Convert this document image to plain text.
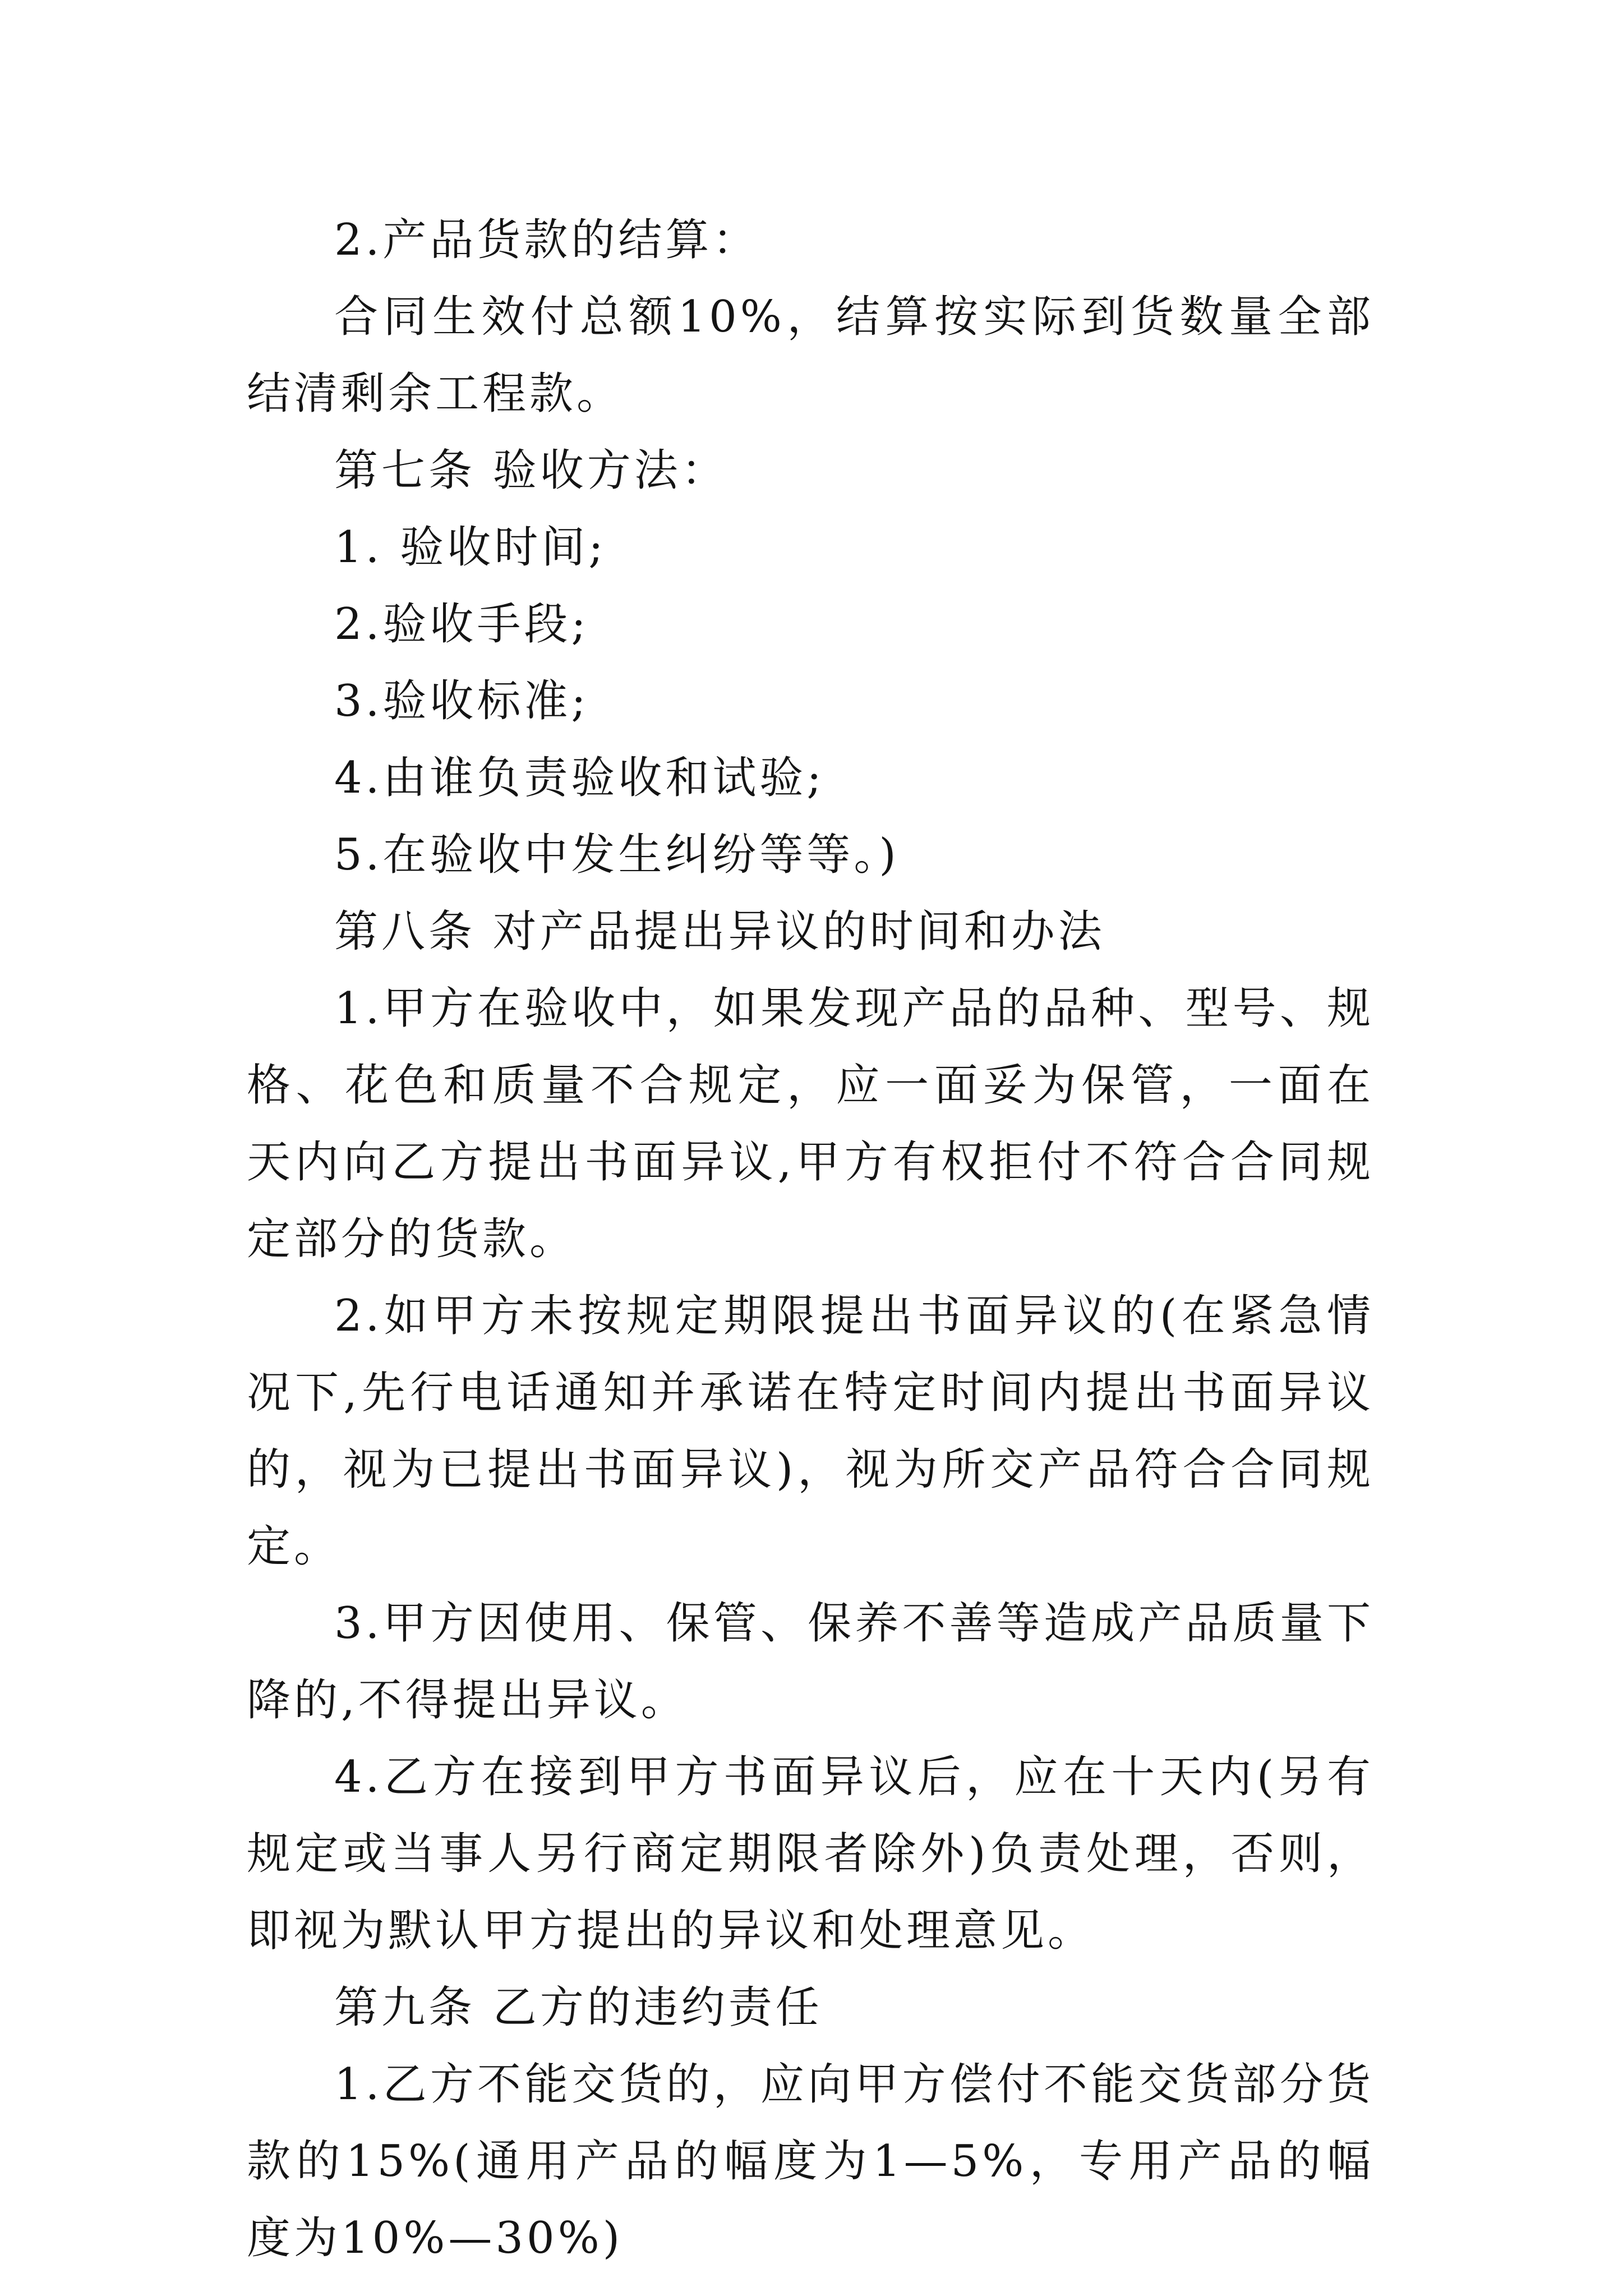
2.产品货款的结算：

合同生效付总额10%，结算按实际到货数量全部结清剩余工程款。

第七条 验收方法：

1. 验收时间;

2.验收手段;

3.验收标准;

4.由谁负责验收和试验;

5.在验收中发生纠纷等等。)

第八条 对产品提出异议的时间和办法

1.甲方在验收中，如果发现产品的品种、型号、规格、花色和质量不合规定，应一面妥为保管，一面在 天内向乙方提出书面异议,甲方有权拒付不符合合同规定部分的货款。

2.如甲方未按规定期限提出书面异议的(在紧急情况下,先行电话通知并承诺在特定时间内提出书面异议的，视为已提出书面异议)，视为所交产品符合合同规定。

3.甲方因使用、保管、保养不善等造成产品质量下降的,不得提出异议。

4.乙方在接到甲方书面异议后，应在十天内(另有规定或当事人另行商定期限者除外)负责处理，否则，即视为默认甲方提出的异议和处理意见。

第九条 乙方的违约责任

1.乙方不能交货的，应向甲方偿付不能交货部分货款的15%(通用产品的幅度为1—5%，专用产品的幅度为10%—30%)
